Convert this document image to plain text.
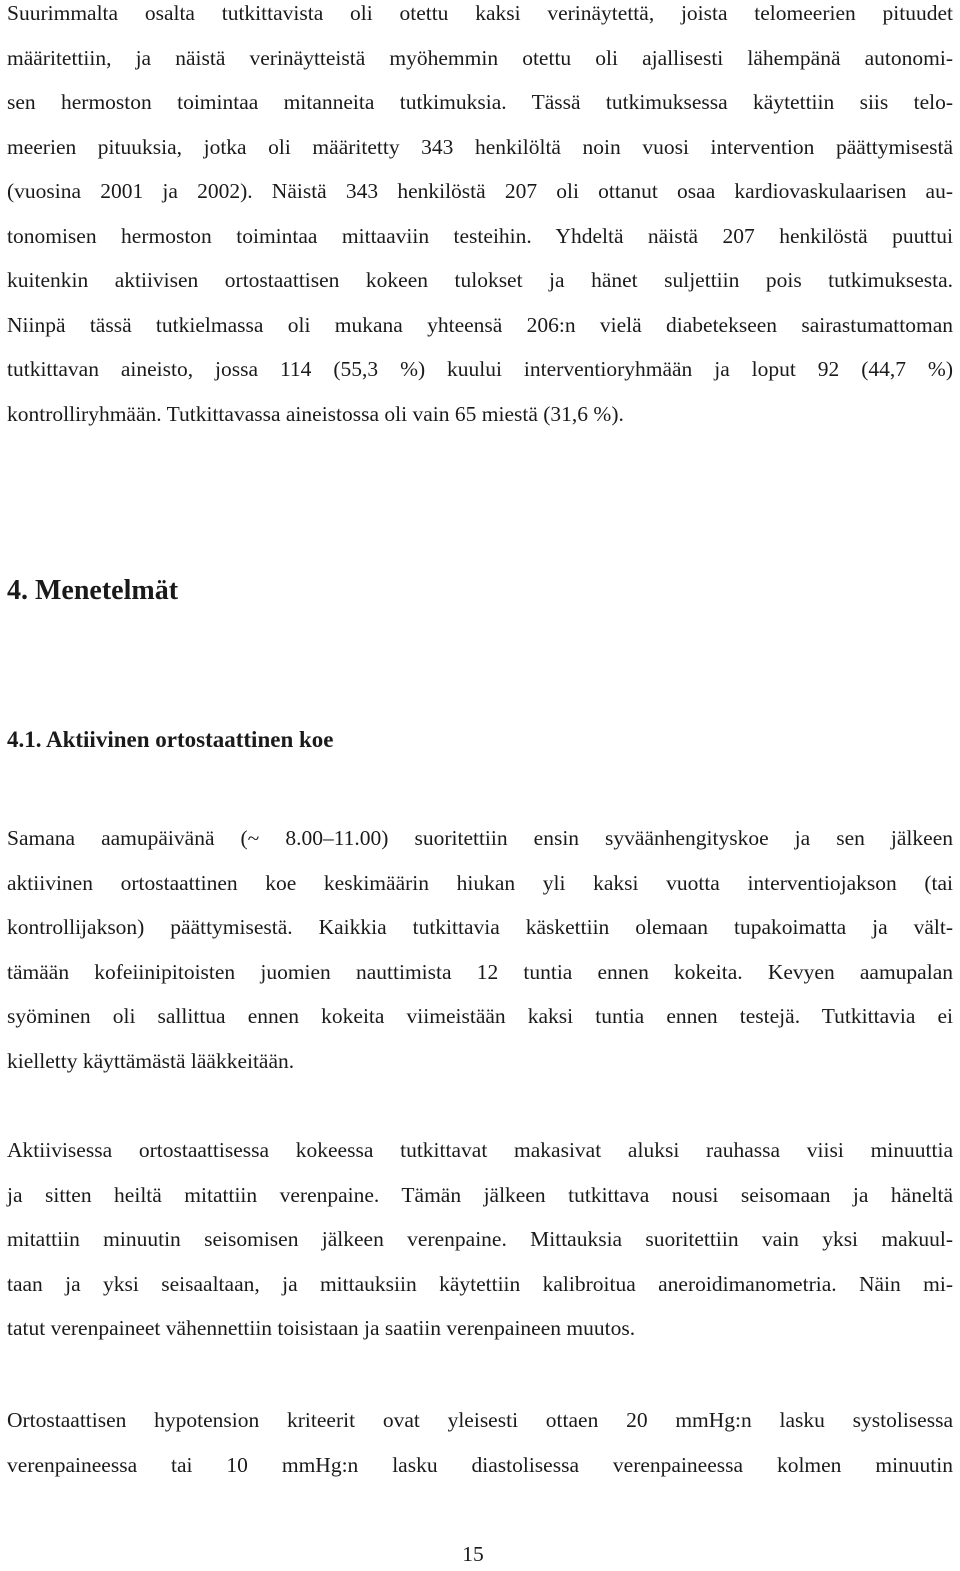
Suurimmalta osalta tutkittavista oli otettu kaksi verinäytettä, joista telomeerien pituudet
määritettiin, ja näistä verinäytteistä myöhemmin otettu oli ajallisesti lähempänä autonomi-
sen hermoston toimintaa mitanneita tutkimuksia. Tässä tutkimuksessa käytettiin siis telo-
meerien pituuksia, jotka oli määritetty 343 henkilöltä noin vuosi intervention päättymisestä
(vuosina 2001 ja 2002). Näistä 343 henkilöstä 207 oli ottanut osaa kardiovaskulaarisen au-
tonomisen hermoston toimintaa mittaaviin testeihin. Yhdeltä näistä 207 henkilöstä puuttui
kuitenkin aktiivisen ortostaattisen kokeen tulokset ja hänet suljettiin pois tutkimuksesta.
Niinpä tässä tutkielmassa oli mukana yhteensä 206:n vielä diabetekseen sairastumattoman
tutkittavan aineisto, jossa 114 (55,3 %) kuului interventioryhmään ja loput 92 (44,7 %)
kontrolliryhmään. Tutkittavassa aineistossa oli vain 65 miestä (31,6 %).

4. Menetelmät
4.1. Aktiivinen ortostaattinen koe

Samana aamupäivänä (~ 8.00–11.00) suoritettiin ensin syväänhengityskoe ja sen jälkeen
aktiivinen ortostaattinen koe keskimäärin hiukan yli kaksi vuotta interventiojakson (tai
kontrollijakson) päättymisestä. Kaikkia tutkittavia käskettiin olemaan tupakoimatta ja vält-
tämään kofeiinipitoisten juomien nauttimista 12 tuntia ennen kokeita. Kevyen aamupalan
syöminen oli sallittua ennen kokeita viimeistään kaksi tuntia ennen testejä. Tutkittavia ei
kielletty käyttämästä lääkkeitään.

Aktiivisessa ortostaattisessa kokeessa tutkittavat makasivat aluksi rauhassa viisi minuuttia
ja sitten heiltä mitattiin verenpaine. Tämän jälkeen tutkittava nousi seisomaan ja häneltä
mitattiin minuutin seisomisen jälkeen verenpaine. Mittauksia suoritettiin vain yksi makuul-
taan ja yksi seisaaltaan, ja mittauksiin käytettiin kalibroitua aneroidimanometria. Näin mi-
tatut verenpaineet vähennettiin toisistaan ja saatiin verenpaineen muutos.

Ortostaattisen hypotension kriteerit ovat yleisesti ottaen 20 mmHg:n lasku systolisessa
verenpaineessa tai 10 mmHg:n lasku diastolisessa verenpaineessa kolmen minuutin

15
